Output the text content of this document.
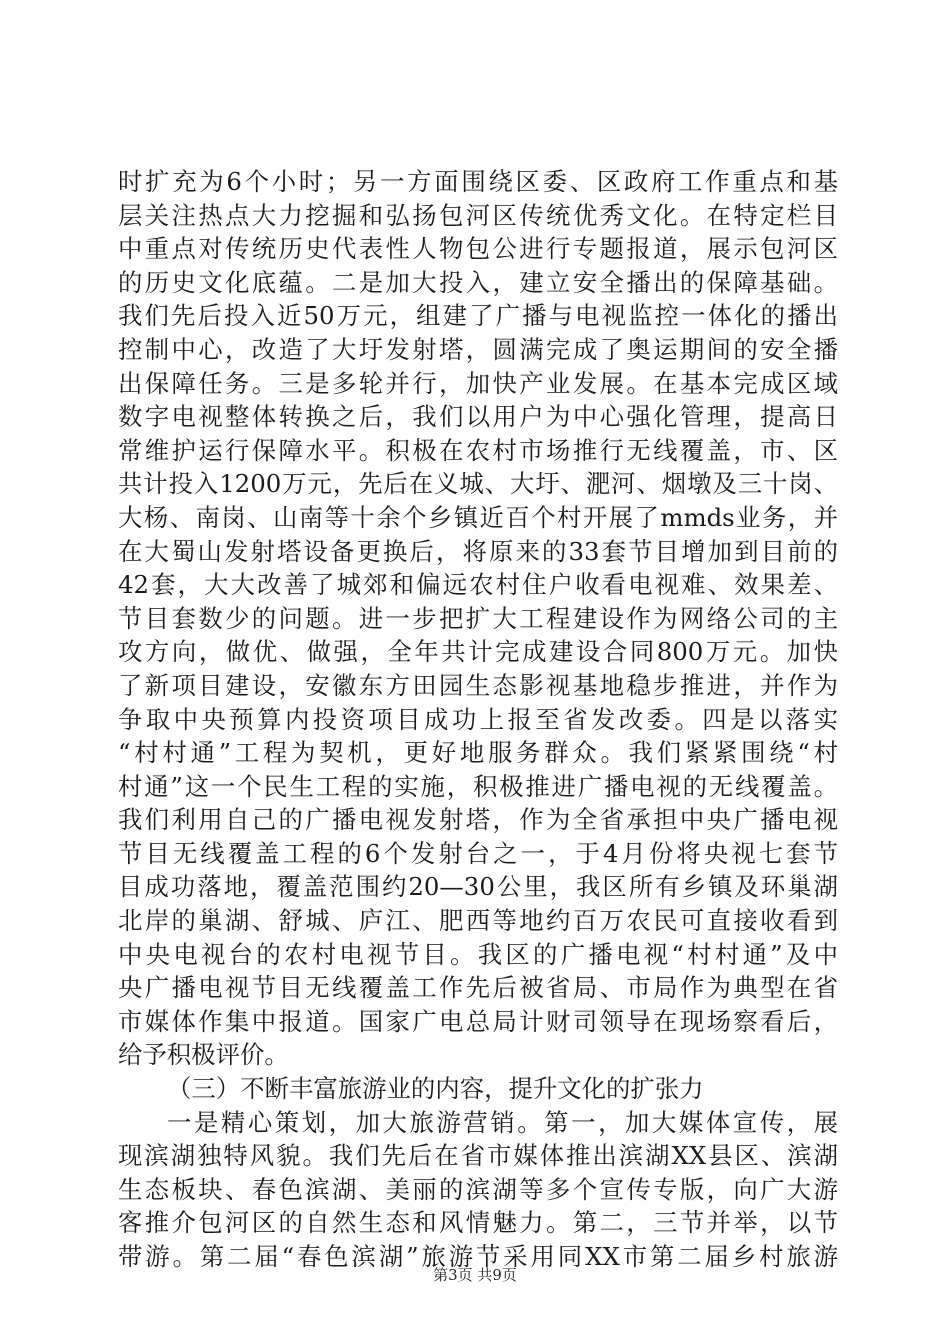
时扩充为6个小时；另一方面围绕区委、区政府工作重点和基
层关注热点大力挖掘和弘扬包河区传统优秀文化。在特定栏目
中重点对传统历史代表性人物包公进行专题报道，展示包河区
的历史文化底蕴。二是加大投入，建立安全播出的保障基础。
我们先后投入近50万元，组建了广播与电视监控一体化的播出
控制中心，改造了大圩发射塔，圆满完成了奥运期间的安全播
出保障任务。三是多轮并行，加快产业发展。在基本完成区域
数字电视整体转换之后，我们以用户为中心强化管理，提高日
常维护运行保障水平。积极在农村市场推行无线覆盖，市、区
共计投入1200万元，先后在义城、大圩、淝河、烟墩及三十岗、
大杨、南岗、山南等十余个乡镇近百个村开展了mmds业务，并
在大蜀山发射塔设备更换后，将原来的33套节目增加到目前的
42套，大大改善了城郊和偏远农村住户收看电视难、效果差、
节目套数少的问题。进一步把扩大工程建设作为网络公司的主
攻方向，做优、做强，全年共计完成建设合同800万元。加快
了新项目建设，安徽东方田园生态影视基地稳步推进，并作为
争取中央预算内投资项目成功上报至省发改委。四是以落实
“村村通”工程为契机，更好地服务群众。我们紧紧围绕“村
村通”这一个民生工程的实施，积极推进广播电视的无线覆盖。
我们利用自己的广播电视发射塔，作为全省承担中央广播电视
节目无线覆盖工程的6个发射台之一，于4月份将央视七套节
目成功落地，覆盖范围约20—30公里，我区所有乡镇及环巢湖
北岸的巢湖、舒城、庐江、肥西等地约百万农民可直接收看到
中央电视台的农村电视节目。我区的广播电视“村村通”及中
央广播电视节目无线覆盖工作先后被省局、市局作为典型在省
市媒体作集中报道。国家广电总局计财司领导在现场察看后，
给予积极评价。
（三）不断丰富旅游业的内容，提升文化的扩张力
一是精心策划，加大旅游营销。第一，加大媒体宣传，展
现滨湖独特风貌。我们先后在省市媒体推出滨湖XX县区、滨湖
生态板块、春色滨湖、美丽的滨湖等多个宣传专版，向广大游
客推介包河区的自然生态和风情魅力。第二，三节并举，以节
带游。第二届“春色滨湖”旅游节采用同XX市第二届乡村旅游
第3页 共9页
